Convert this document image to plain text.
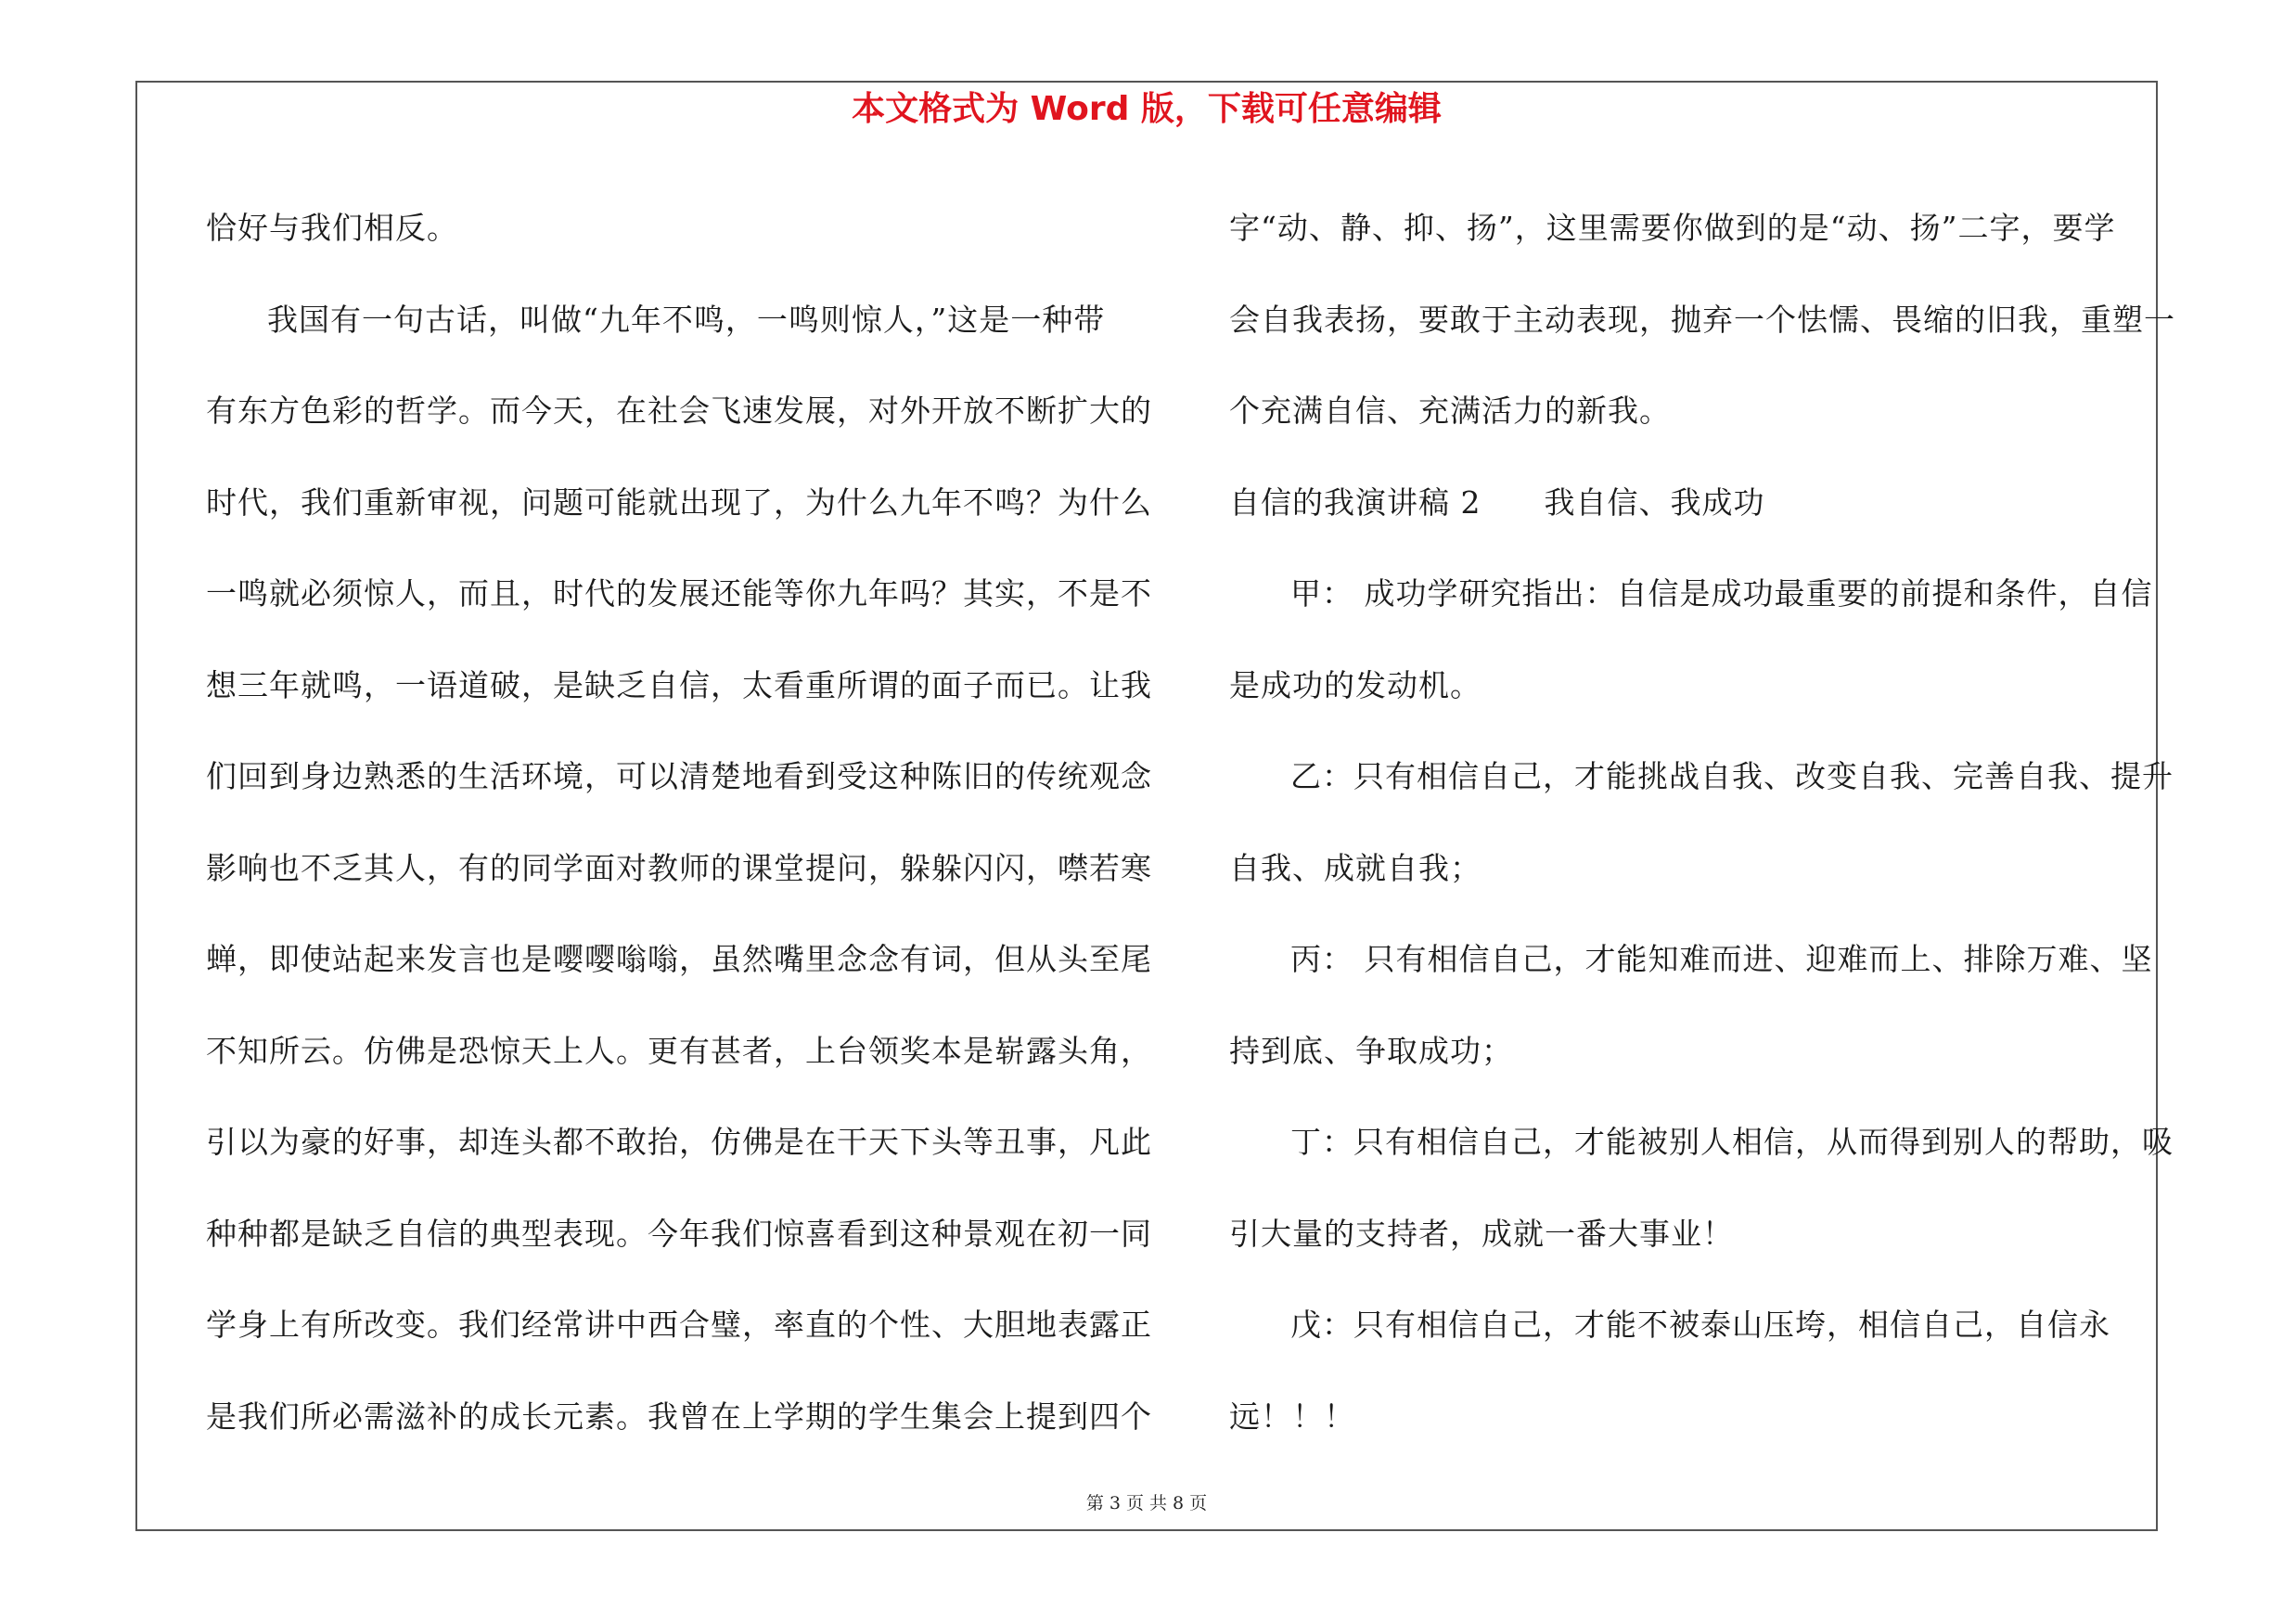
本文格式为 Word 版，下载可任意编辑
恰好与我们相反。
我国有一句古话，叫做“九年不鸣，一鸣则惊人，”这是一种带
有东方色彩的哲学。而今天，在社会飞速发展，对外开放不断扩大的
时代，我们重新审视，问题可能就出现了，为什么九年不鸣？为什么
一鸣就必须惊人，而且，时代的发展还能等你九年吗？其实，不是不
想三年就鸣，一语道破，是缺乏自信，太看重所谓的面子而已。让我
们回到身边熟悉的生活环境，可以清楚地看到受这种陈旧的传统观念
影响也不乏其人，有的同学面对教师的课堂提问，躲躲闪闪，噤若寒
蝉，即使站起来发言也是嘤嘤嗡嗡，虽然嘴里念念有词，但从头至尾
不知所云。仿佛是恐惊天上人。更有甚者，上台领奖本是崭露头角，
引以为豪的好事，却连头都不敢抬，仿佛是在干天下头等丑事，凡此
种种都是缺乏自信的典型表现。今年我们惊喜看到这种景观在初一同
学身上有所改变。我们经常讲中西合璧，率直的个性、大胆地表露正
是我们所必需滋补的成长元素。我曾在上学期的学生集会上提到四个
字“动、静、抑、扬”，这里需要你做到的是“动、扬”二字，要学
会自我表扬，要敢于主动表现，抛弃一个怯懦、畏缩的旧我，重塑一
个充满自信、充满活力的新我。
自信的我演讲稿 2　　我自信、我成功
甲： 成功学研究指出：自信是成功最重要的前提和条件，自信
是成功的发动机。
乙：只有相信自己，才能挑战自我、改变自我、完善自我、提升
自我、成就自我；
丙： 只有相信自己，才能知难而进、迎难而上、排除万难、坚
持到底、争取成功；
丁：只有相信自己，才能被别人相信，从而得到别人的帮助，吸
引大量的支持者，成就一番大事业！
戊：只有相信自己，才能不被泰山压垮，相信自己，自信永
远！！！
第 3 页 共 8 页
